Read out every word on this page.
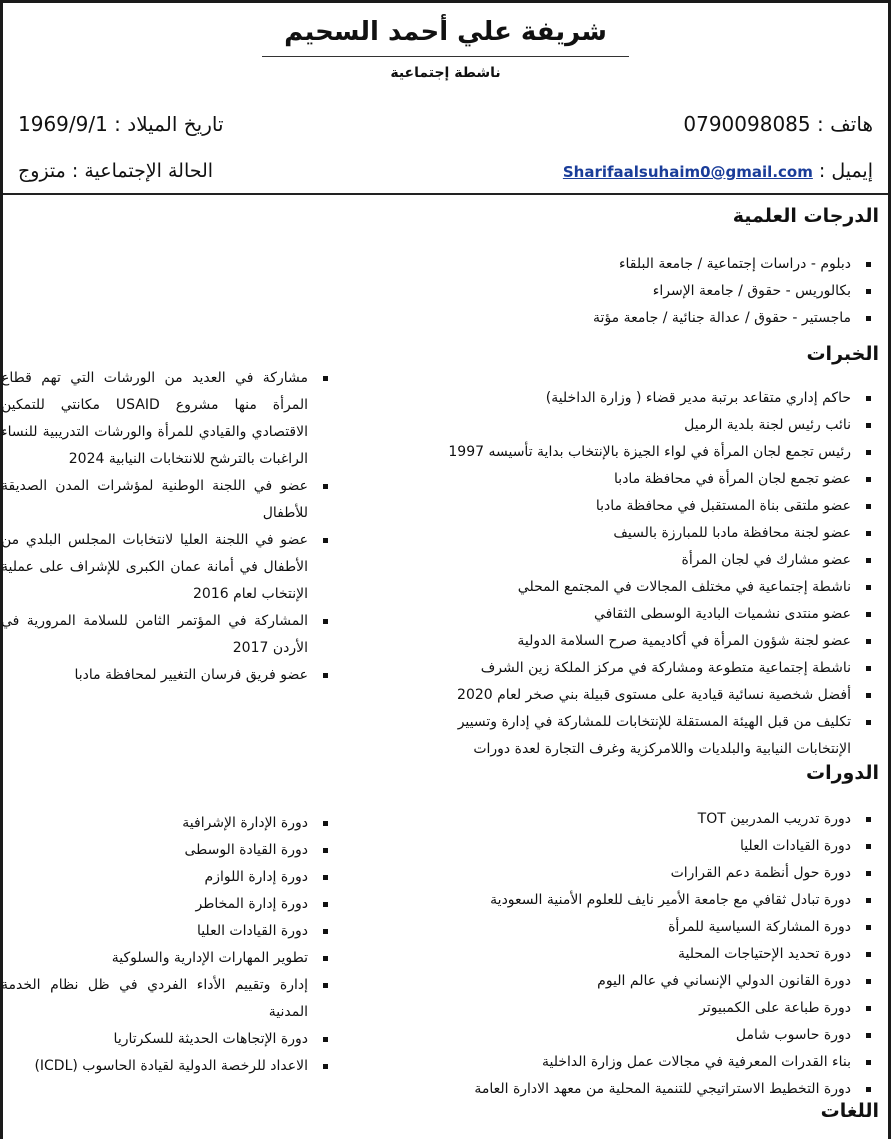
شريفة علي أحمد السحيم
ناشطة إجتماعية
هاتف : 0790098085
تاريخ الميلاد : 1969/9/1
إيميل : Sharifaalsuhaim0@gmail.com
الحالة الإجتماعية : متزوج
الدرجات العلمية
دبلوم - دراسات إجتماعية / جامعة البلقاء
بكالوريس - حقوق / جامعة الإسراء
ماجستير - حقوق / عدالة جنائية / جامعة مؤتة
الخبرات
حاكم إداري متقاعد برتبة مدير قضاء ( وزارة الداخلية)
نائب رئيس لجنة بلدية الرميل
رئيس تجمع لجان المرأة في لواء الجيزة بالإنتخاب بداية تأسيسه 1997
عضو تجمع لجان المرأة في محافظة مادبا
عضو ملتقى بناة المستقبل في محافظة مادبا
عضو لجنة محافظة مادبا للمبارزة بالسيف
عضو مشارك في لجان المرأة
ناشطة إجتماعية في مختلف المجالات في المجتمع المحلي
عضو منتدى نشميات البادية الوسطى الثقافي
عضو لجنة شؤون المرأة في أكاديمية صرح السلامة الدولية
ناشطة إجتماعية متطوعة ومشاركة في مركز الملكة زين الشرف
أفضل شخصية نسائية قيادية على مستوى قبيلة بني صخر لعام 2020
تكليف من قبل الهيئة المستقلة للإنتخابات للمشاركة في إدارة وتسيير الإنتخابات النيابية والبلديات واللامركزية وغرف التجارة لعدة دورات
مشاركة في العديد من الورشات التي تهم قطاع المرأة منها مشروع USAID مكانتي للتمكين الاقتصادي والقيادي للمرأة والورشات التدريبية للنساء الراغبات بالترشح للانتخابات النيابية 2024
عضو في اللجنة الوطنية لمؤشرات المدن الصديقة للأطفال
عضو في اللجنة العليا لانتخابات المجلس البلدي من الأطفال في أمانة عمان الكبرى للإشراف على عملية الإنتخاب لعام 2016
المشاركة في المؤتمر الثامن للسلامة المرورية في الأردن 2017
عضو فريق فرسان التغيير لمحافظة مادبا
الدورات
دورة تدريب المدربين TOT
دورة القيادات العليا
دورة حول أنظمة دعم القرارات
دورة تبادل ثقافي مع جامعة الأمير نايف للعلوم الأمنية السعودية
دورة المشاركة السياسية للمرأة
دورة تحديد الإحتياجات المحلية
دورة القانون الدولي الإنساني في عالم اليوم
دورة طباعة على الكمبيوتر
دورة حاسوب شامل
بناء القدرات المعرفية في مجالات عمل وزارة الداخلية
دورة التخطيط الاستراتيجي للتنمية المحلية من معهد الادارة العامة
دورة الإدارة الإشرافية
دورة القيادة الوسطى
دورة إدارة اللوازم
دورة إدارة المخاطر
دورة القيادات العليا
تطوير المهارات الإدارية والسلوكية
إدارة وتقييم الأداء الفردي في ظل نظام الخدمة المدنية
دورة الإتجاهات الحديثة للسكرتاريا
الاعداد للرخصة الدولية لقيادة الحاسوب (ICDL)
اللغات
